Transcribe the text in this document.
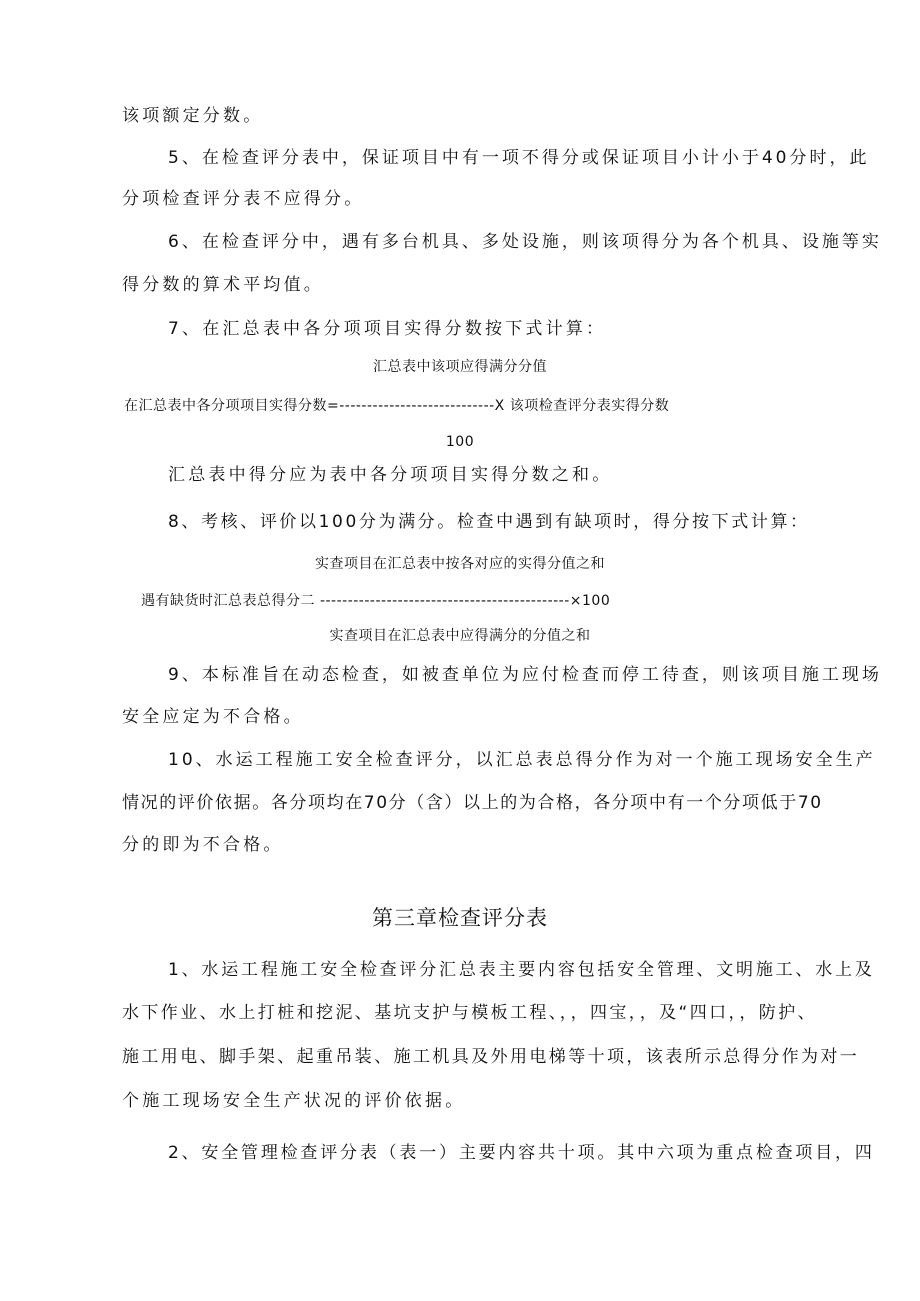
该项额定分数。
5、在检查评分表中，保证项目中有一项不得分或保证项目小计小于40分时，此
分项检查评分表不应得分。
6、在检查评分中，遇有多台机具、多处设施，则该项得分为各个机具、设施等实
得分数的算术平均值。
7、在汇总表中各分项项目实得分数按下式计算：
汇总表中该项应得满分分值
在汇总表中各分项项目实得分数=----------------------------X 该项检查评分表实得分数
100
汇总表中得分应为表中各分项项目实得分数之和。
8、考核、评价以100分为满分。检查中遇到有缺项时，得分按下式计算：
实查项目在汇总表中按各对应的实得分值之和
遇有缺货时汇总表总得分二 ---------------------------------------------×100
实查项目在汇总表中应得满分的分值之和
9、本标准旨在动态检查，如被查单位为应付检查而停工待查，则该项目施工现场
安全应定为不合格。
10、水运工程施工安全检查评分，以汇总表总得分作为对一个施工现场安全生产
情况的评价依据。各分项均在70分（含）以上的为合格，各分项中有一个分项低于70
分的即为不合格。
第三章检查评分表
1、水运工程施工安全检查评分汇总表主要内容包括安全管理、文明施工、水上及
水下作业、水上打桩和挖泥、基坑支护与模板工程、，，四宝，，及“四口，，防护、
施工用电、脚手架、起重吊装、施工机具及外用电梯等十项，该表所示总得分作为对一
个施工现场安全生产状况的评价依据。
2、安全管理检查评分表（表一）主要内容共十项。其中六项为重点检查项目，四
